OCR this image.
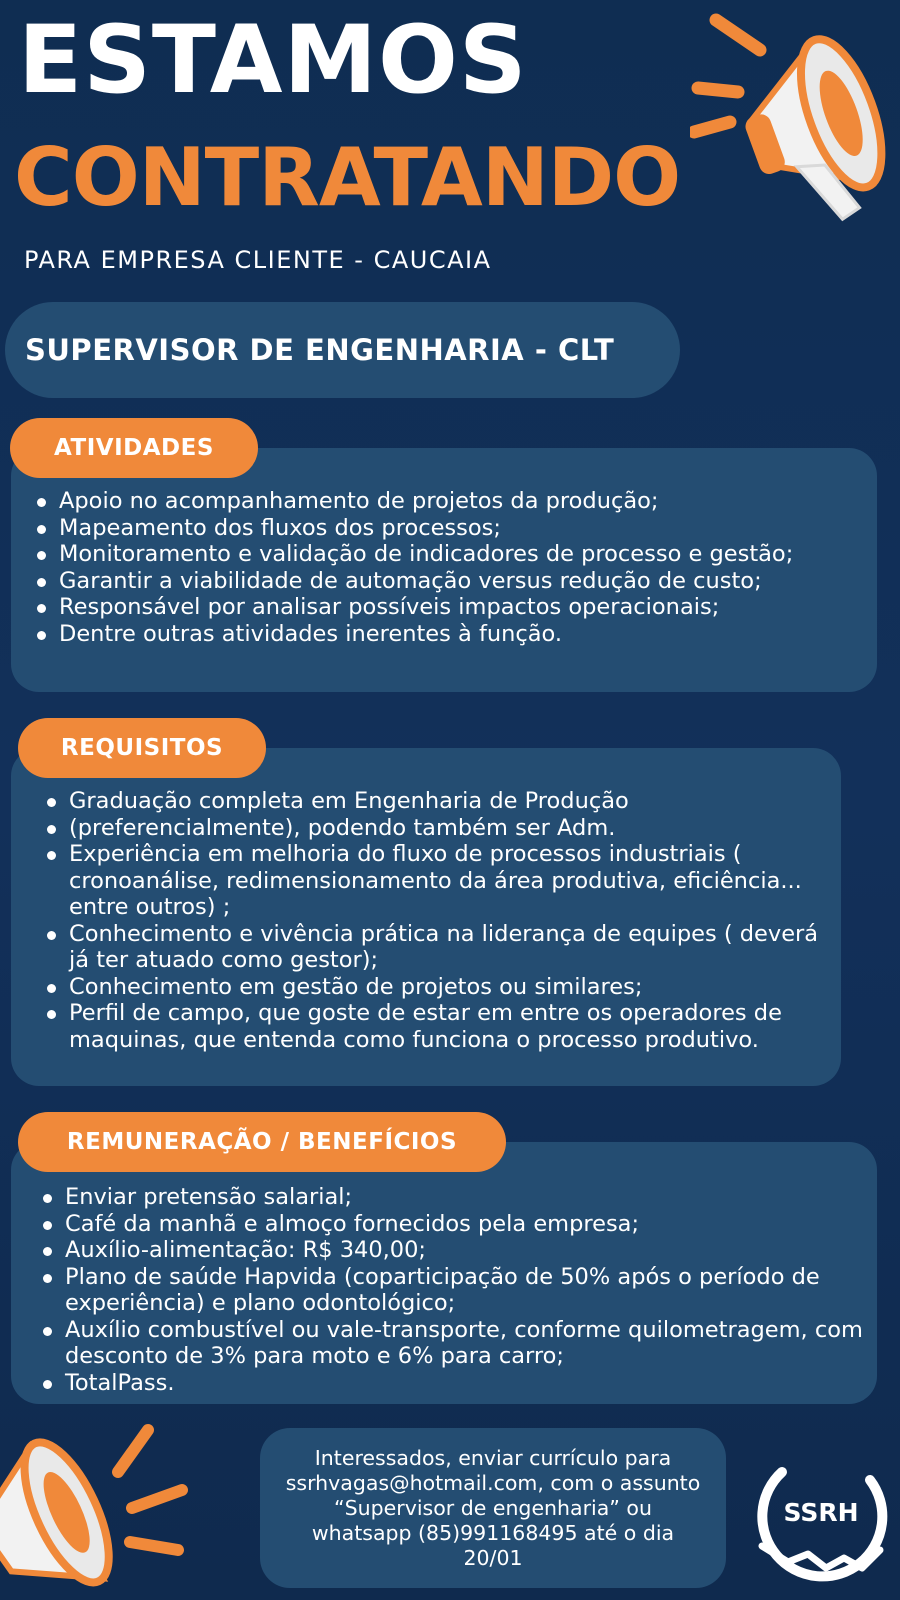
ESTAMOS
CONTRATANDO
PARA EMPRESA CLIENTE - CAUCAIA
SUPERVISOR DE ENGENHARIA - CLT
Apoio no acompanhamento de projetos da produção;
Mapeamento dos fluxos dos processos;
Monitoramento e validação de indicadores de processo e gestão;
Garantir a viabilidade de automação versus redução de custo;
Responsável por analisar possíveis impactos operacionais;
Dentre outras atividades inerentes à função.
ATIVIDADES
Graduação completa em Engenharia de Produção
(preferencialmente), podendo também ser Adm.
Experiência em melhoria do fluxo de processos industriais ( cronoanálise, redimensionamento da área produtiva, eficiência... entre outros) ;
Conhecimento e vivência prática na liderança de equipes ( deverá já ter atuado como gestor);
Conhecimento em gestão de projetos ou similares;
Perfil de campo, que goste de estar em entre os operadores de maquinas, que entenda como funciona o processo produtivo.
REQUISITOS
Enviar pretensão salarial;
Café da manhã e almoço fornecidos pela empresa;
Auxílio-alimentação: R$ 340,00;
Plano de saúde Hapvida (coparticipação de 50% após o período de experiência) e plano odontológico;
Auxílio combustível ou vale-transporte, conforme quilometragem, com desconto de 3% para moto e 6% para carro;
TotalPass.
REMUNERAÇÃO / BENEFÍCIOS
Interessados, enviar currículo para ssrhvagas@hotmail.com, com o assunto “Supervisor de engenharia” ou whatsapp (85)991168495 até o dia 20/01
SSRH
